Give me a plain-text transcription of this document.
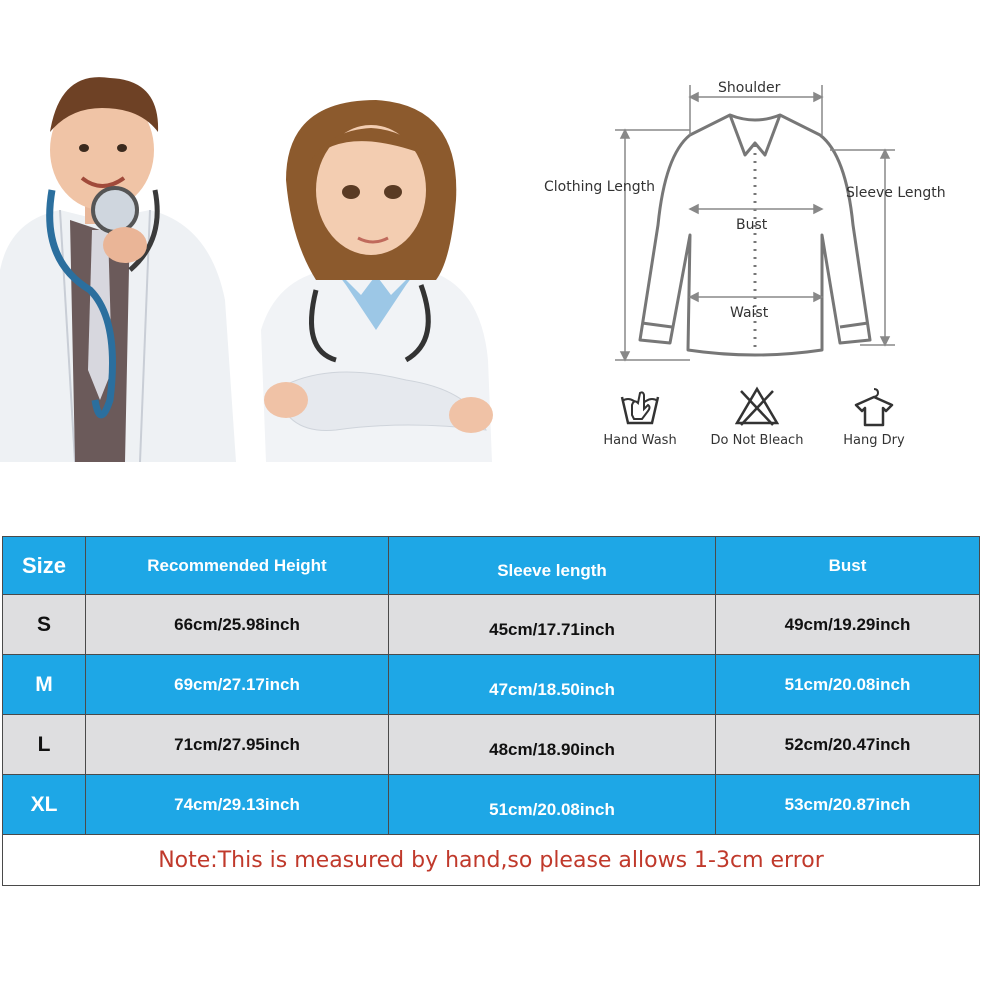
Shoulder
Clothing Length	Sleeve Length
Bust
Waist
Hand Wash	Do Not Bleach	Hang Dry
Size	Recommended Height	Sleeve length	Bust
S	66cm/25.98inch	45cm/17.71inch	49cm/19.29inch
M	69cm/27.17inch	47cm/18.50inch	51cm/20.08inch
L	71cm/27.95inch	48cm/18.90inch	52cm/20.47inch
XL	74cm/29.13inch	51cm/20.08inch	53cm/20.87inch
Note:This is measured by hand,so please allows 1-3cm error			
